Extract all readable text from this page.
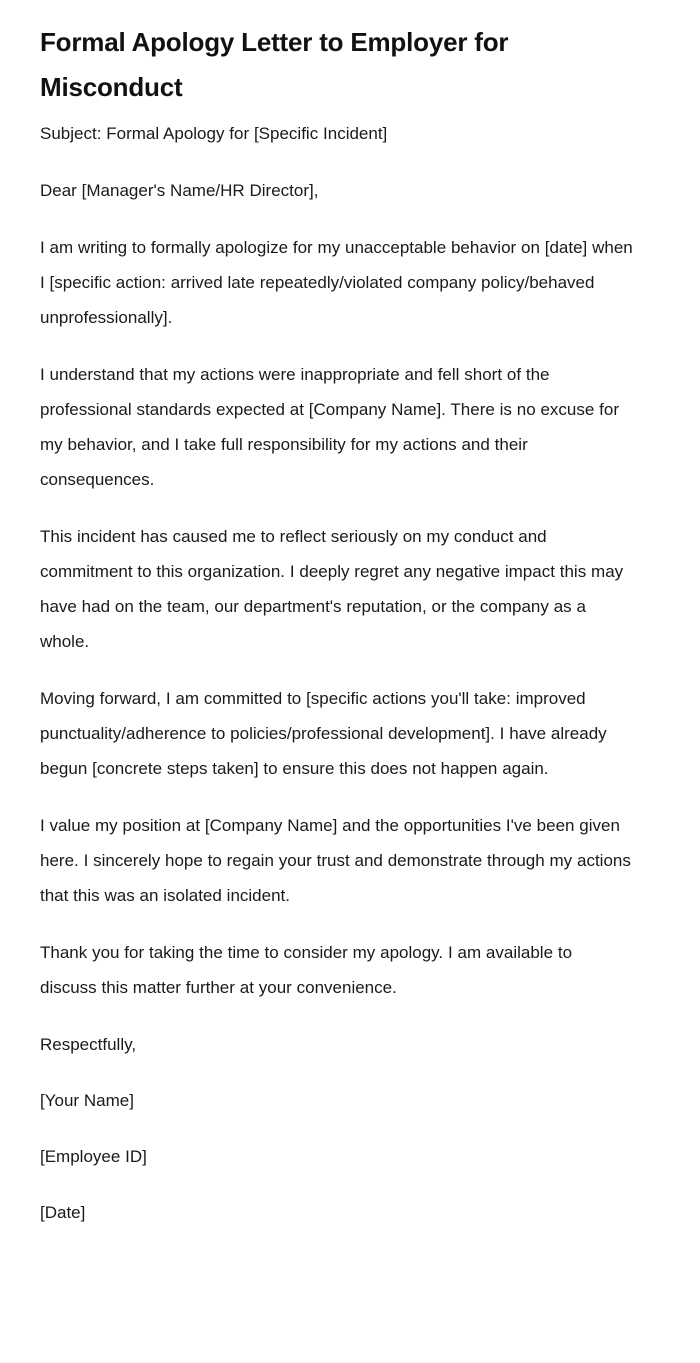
Formal Apology Letter to Employer for Misconduct

Subject: Formal Apology for [Specific Incident]

Dear [Manager's Name/HR Director],

I am writing to formally apologize for my unacceptable behavior on [date] when I [specific action: arrived late repeatedly/violated company policy/behaved unprofessionally].

I understand that my actions were inappropriate and fell short of the professional standards expected at [Company Name]. There is no excuse for my behavior, and I take full responsibility for my actions and their consequences.

This incident has caused me to reflect seriously on my conduct and commitment to this organization. I deeply regret any negative impact this may have had on the team, our department's reputation, or the company as a whole.

Moving forward, I am committed to [specific actions you'll take: improved punctuality/adherence to policies/professional development]. I have already begun [concrete steps taken] to ensure this does not happen again.

I value my position at [Company Name] and the opportunities I've been given here. I sincerely hope to regain your trust and demonstrate through my actions that this was an isolated incident.

Thank you for taking the time to consider my apology. I am available to discuss this matter further at your convenience.

Respectfully,

[Your Name]

[Employee ID]

[Date]
